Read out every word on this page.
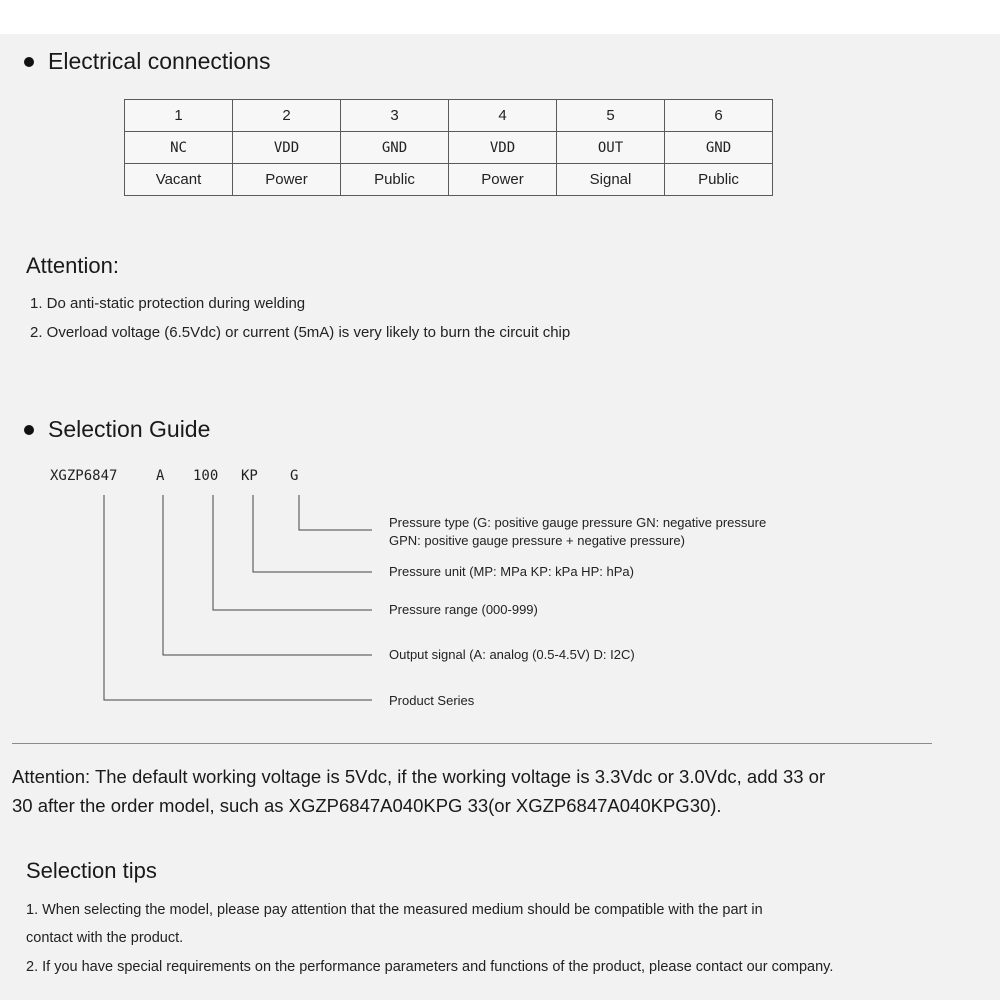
Electrical connections
1	2	3	4	5	6
NC	VDD	GND	VDD	OUT	GND
Vacant	Power	Public	Power	Signal	Public
Attention:
1. Do anti-static protection during welding
2. Overload voltage (6.5Vdc) or current (5mA) is very likely to burn the circuit chip
Selection Guide
XGZP6847	A 100 KP G
Pressure type (G: positive gauge pressure GN: negative pressure
GPN: positive gauge pressure + negative pressure)
Pressure unit (MP: MPa KP: kPa HP: hPa)
Pressure range (000-999)
Output signal (A: analog (0.5-4.5V) D: I2C)
Product Series
Attention: The default working voltage is 5Vdc, if the working voltage is 3.3Vdc or 3.0Vdc, add 33 or
30 after the order model, such as XGZP6847A040KPG 33(or XGZP6847A040KPG30).
Selection tips
1. When selecting the model, please pay attention that the measured medium should be compatible with the part in
contact with the product.
2. If you have special requirements on the performance parameters and functions of the product, please contact our company.
